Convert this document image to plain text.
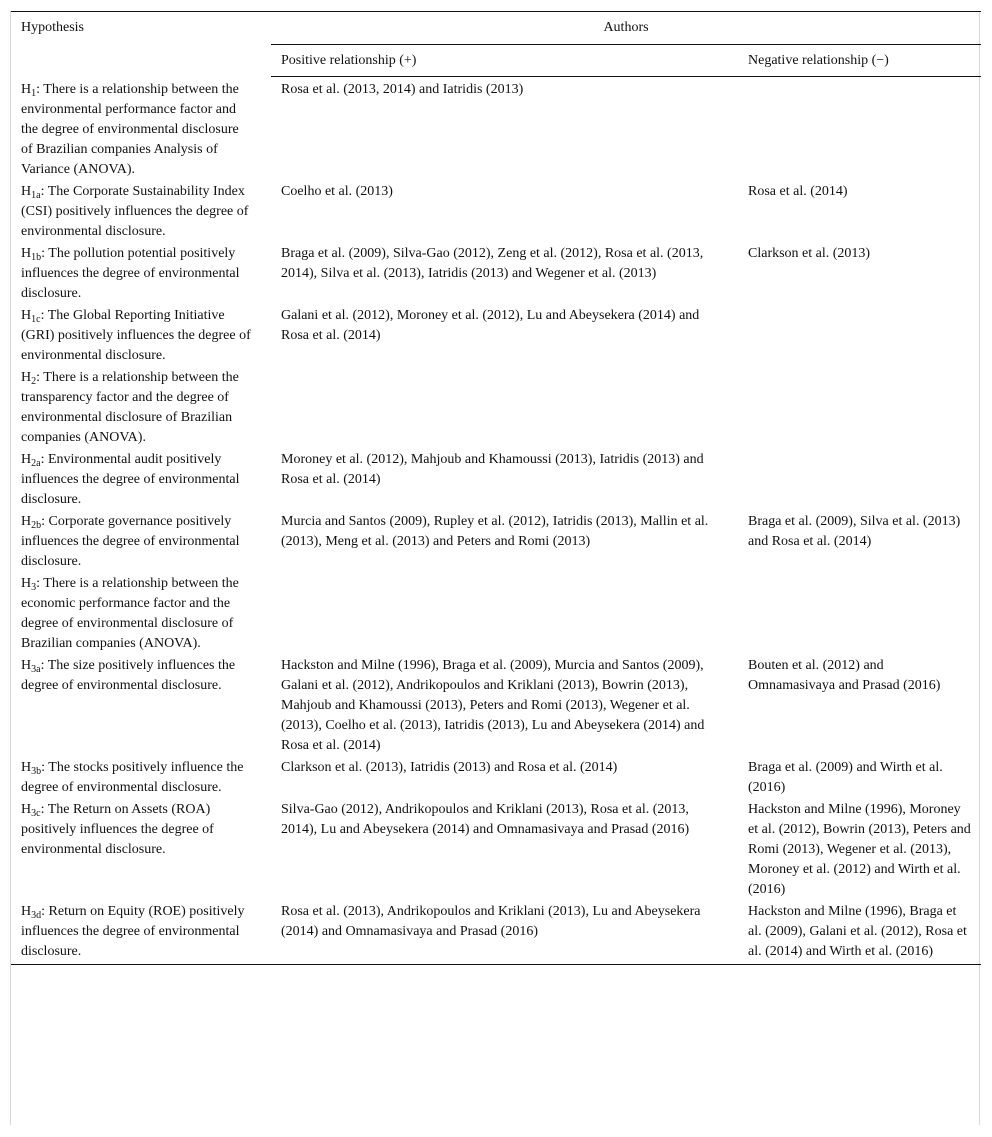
Hypothesis	Authors	
	Positive relationship (+)	Negative relationship (−)
$H_1$: There is a relationship between the environmental performance factor and the degree of environmental disclosure of Brazilian companies Analysis of Variance (ANOVA).	Rosa et al. (2013, 2014) and Iatridis (2013)	
$H_{1a}$: The Corporate Sustainability Index (CSI) positively influences the degree of environmental disclosure.	Coelho et al. (2013)	Rosa et al. (2014)
$H_{1b}$: The pollution potential positively influences the degree of environmental disclosure.	Braga et al. (2009), Silva-Gao (2012), Zeng et al. (2012), Rosa et al. (2013, 2014), Silva et al. (2013), Iatridis (2013) and Wegener et al. (2013)	Clarkson et al. (2013)
$H_{1c}$: The Global Reporting Initiative (GRI) positively influences the degree of environmental disclosure.	Galani et al. (2012), Moroney et al. (2012), Lu and Abeysekera (2014) and Rosa et al. (2014)	
$H_2$: There is a relationship between the transparency factor and the degree of environmental disclosure of Brazilian companies (ANOVA).		
$H_{2a}$: Environmental audit positively influences the degree of environmental disclosure.	Moroney et al. (2012), Mahjoub and Khamoussi (2013), Iatridis (2013) and Rosa et al. (2014)	
$H_{2b}$: Corporate governance positively influences the degree of environmental disclosure.	Murcia and Santos (2009), Rupley et al. (2012), Iatridis (2013), Mallin et al. (2013), Meng et al. (2013) and Peters and Romi (2013)	Braga et al. (2009), Silva et al. (2013) and Rosa et al. (2014)
$H_3$: There is a relationship between the economic performance factor and the degree of environmental disclosure of Brazilian companies (ANOVA).		
$H_{3a}$: The size positively influences the degree of environmental disclosure.	Hackston and Milne (1996), Braga et al. (2009), Murcia and Santos (2009), Galani et al. (2012), Andrikopoulos and Kriklani (2013), Bowrin (2013), Mahjoub and Khamoussi (2013), Peters and Romi (2013), Wegener et al. (2013), Coelho et al. (2013), Iatridis (2013), Lu and Abeysekera (2014) and Rosa et al. (2014)	Bouten et al. (2012) and Omnamasivaya and Prasad (2016)
$H_{3b}$: The stocks positively influence the degree of environmental disclosure.	Clarkson et al. (2013), Iatridis (2013) and Rosa et al. (2014)	Braga et al. (2009) and Wirth et al. (2016)
$H_{3c}$: The Return on Assets (ROA) positively influences the degree of environmental disclosure.	Silva-Gao (2012), Andrikopoulos and Kriklani (2013), Rosa et al. (2013, 2014), Lu and Abeysekera (2014) and Omnamasivaya and Prasad (2016)	Hackston and Milne (1996), Moroney et al. (2012), Bowrin (2013), Peters and Romi (2013), Wegener et al. (2013), Moroney et al. (2012) and Wirth et al. (2016)
$H_{3d}$: Return on Equity (ROE) positively influences the degree of environmental disclosure.	Rosa et al. (2013), Andrikopoulos and Kriklani (2013), Lu and Abeysekera (2014) and Omnamasivaya and Prasad (2016)	Hackston and Milne (1996), Braga et al. (2009), Galani et al. (2012), Rosa et al. (2014) and Wirth et al. (2016)
